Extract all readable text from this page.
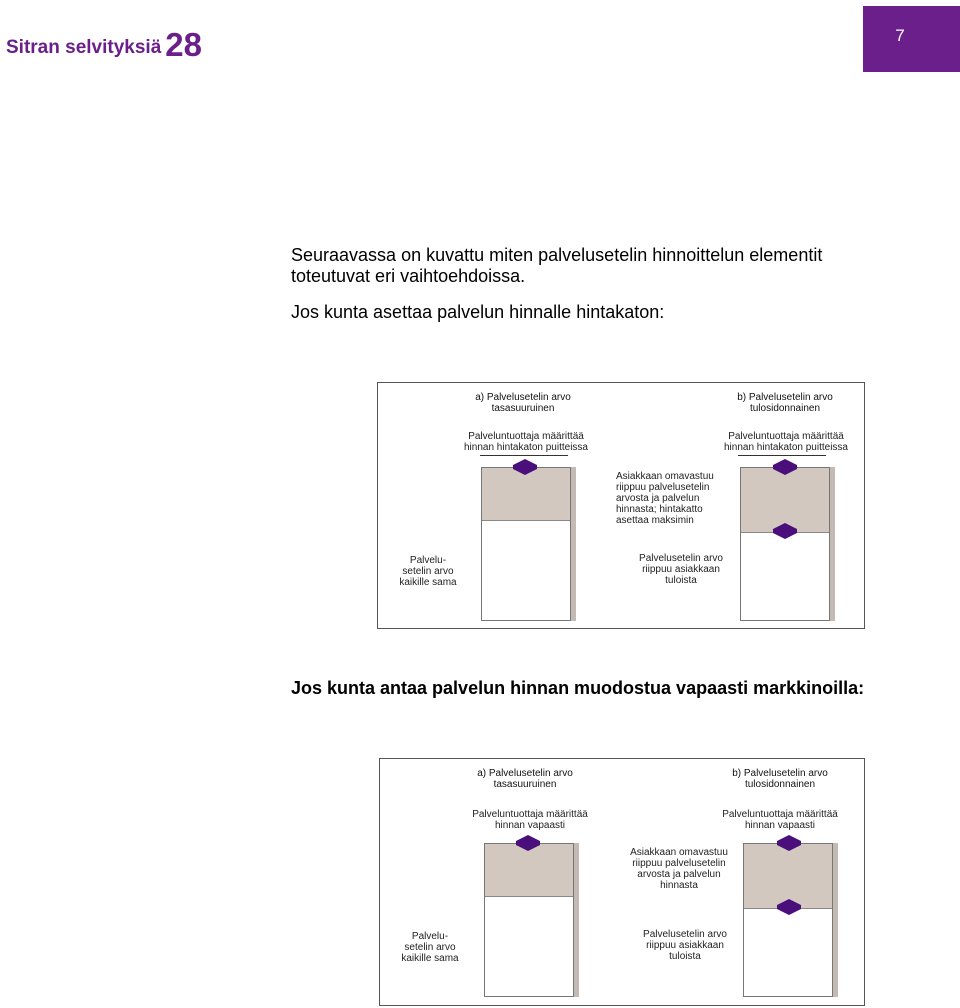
Sitran selvityksiä 28	7
Seuraavassa on kuvattu miten palvelusetelin hinnoittelun elementit toteutuvat eri vaihtoehdoissa.
Jos kunta asettaa palvelun hinnalle hintakaton:
a) Palvelusetelin arvo
tasasuuruinen
b) Palvelusetelin arvo
tulosidonnainen
Palveluntuottaja määrittää
hinnan hintakaton puitteissa
Palveluntuottaja määrittää
hinnan hintakaton puitteissa
Asiakkaan omavastuu
riippuu palvelusetelin
arvosta ja palvelun
hinnasta; hintakatto
asettaa maksimin
Palvelu-
setelin arvo
kaikille sama
Palvelusetelin arvo
riippuu asiakkaan
tuloista
Jos kunta antaa palvelun hinnan muodostua vapaasti markkinoilla:
a) Palvelusetelin arvo
tasasuuruinen
b) Palvelusetelin arvo
tulosidonnainen
Palveluntuottaja määrittää
hinnan vapaasti
Palveluntuottaja määrittää
hinnan vapaasti
Asiakkaan omavastuu
riippuu palvelusetelin
arvosta ja palvelun
hinnasta
Palvelu-
setelin arvo
kaikille sama
Palvelusetelin arvo
riippuu asiakkaan
tuloista
